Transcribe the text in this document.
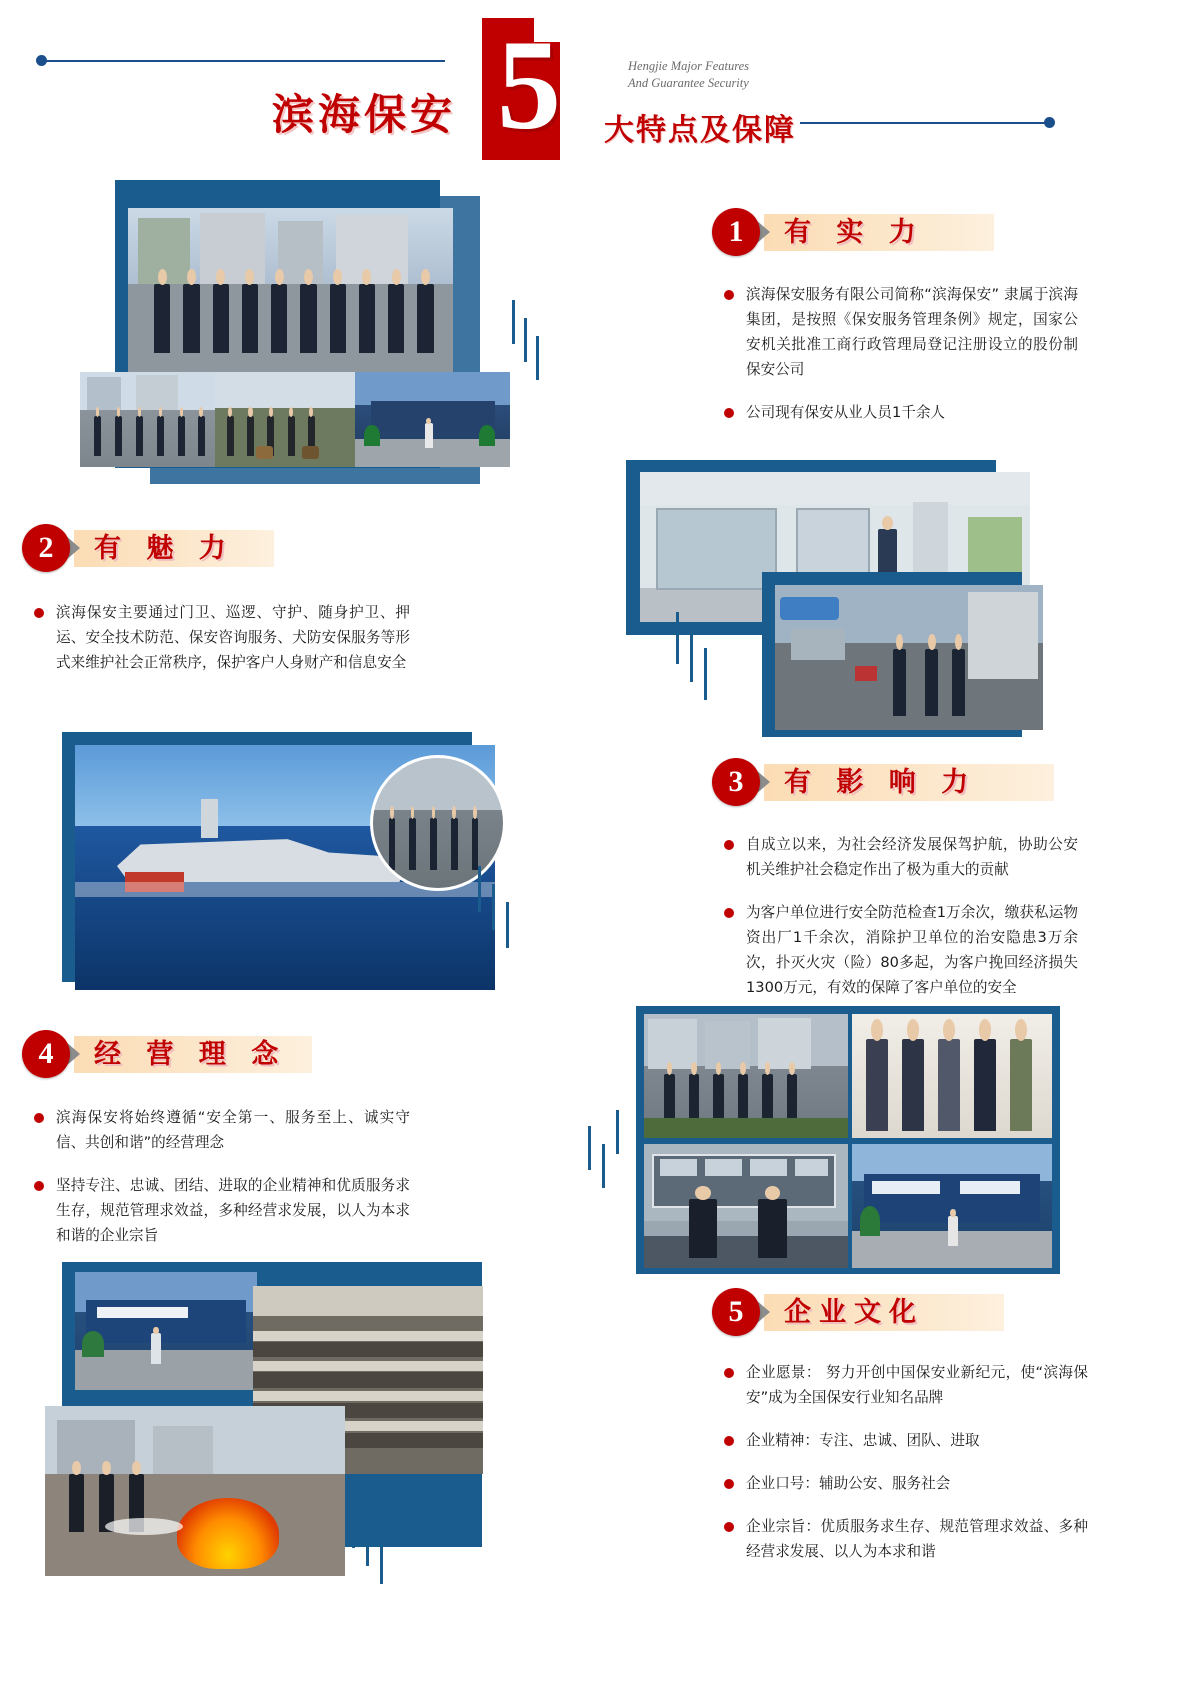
5
滨海保安	大特点及保障
Hengjie Major Features
And Guarantee Security
1	有 实 力
滨海保安服务有限公司简称“滨海保安” 隶属于滨海集团，是按照《保安服务管理条例》规定，国家公安机关批准工商行政管理局登记注册设立的股份制保安公司
公司现有保安从业人员1千余人
2	有 魅 力
滨海保安主要通过门卫、巡逻、守护、随身护卫、押运、安全技术防范、保安咨询服务、犬防安保服务等形式来维护社会正常秩序，保护客户人身财产和信息安全
3	有 影 响 力
自成立以来，为社会经济发展保驾护航，协助公安机关维护社会稳定作出了极为重大的贡献
为客户单位进行安全防范检查1万余次，缴获私运物资出厂1千余次，消除护卫单位的治安隐患3万余次，扑灭火灾（险）80多起，为客户挽回经济损失1300万元，有效的保障了客户单位的安全
4	经 营 理 念
滨海保安将始终遵循“安全第一、服务至上、诚实守信、共创和谐”的经营理念
坚持专注、忠诚、团结、进取的企业精神和优质服务求生存，规范管理求效益，多种经营求发展，以人为本求和谐的企业宗旨
5	企业文化
企业愿景： 努力开创中国保安业新纪元，使“滨海保安”成为全国保安行业知名品牌
企业精神：专注、忠诚、团队、进取
企业口号：辅助公安、服务社会
企业宗旨：优质服务求生存、规范管理求效益、多种经营求发展、以人为本求和谐
